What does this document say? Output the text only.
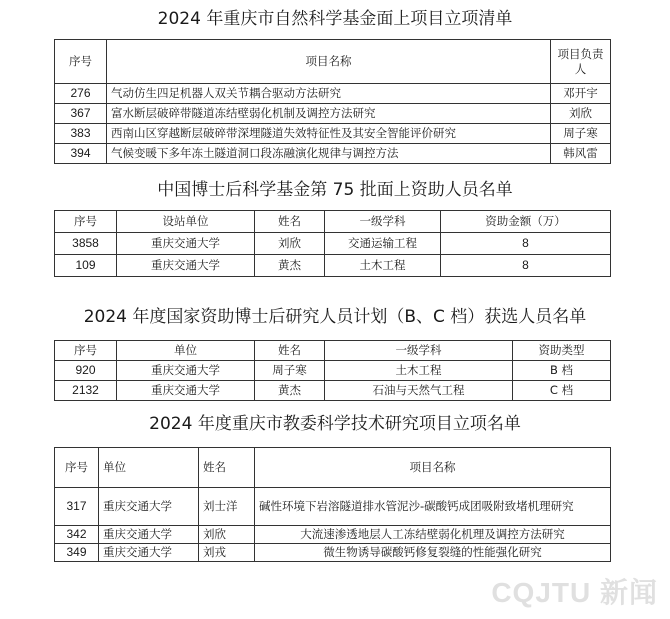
2024 年重庆市自然科学基金面上项目立项清单
序号	项目名称	项目负责人
276	气动仿生四足机器人双关节耦合驱动方法研究	邓开宇
367	富水断层破碎带隧道冻结壁弱化机制及调控方法研究	刘欣
383	西南山区穿越断层破碎带深埋隧道失效特征性及其安全智能评价研究	周子寒
394	气候变暖下多年冻土隧道洞口段冻融演化规律与调控方法	韩风雷
中国博士后科学基金第 75 批面上资助人员名单
序号	设站单位	姓名	一级学科	资助金额（万）
3858	重庆交通大学	刘欣	交通运输工程	8
109	重庆交通大学	黄杰	土木工程	8
2024 年度国家资助博士后研究人员计划（B、C 档）获选人员名单
序号	单位	姓名	一级学科	资助类型
920	重庆交通大学	周子寒	土木工程	B 档
2132	重庆交通大学	黄杰	石油与天然气工程	C 档
2024 年度重庆市教委科学技术研究项目立项名单
序号	单位	姓名	项目名称
317	重庆交通大学	刘士洋	碱性环境下岩溶隧道排水管泥沙-碳酸钙成团吸附致堵机理研究
342	重庆交通大学	刘欣	大流速渗透地层人工冻结壁弱化机理及调控方法研究
349	重庆交通大学	刘戎	微生物诱导碳酸钙修复裂缝的性能强化研究
CQJTU 新闻
